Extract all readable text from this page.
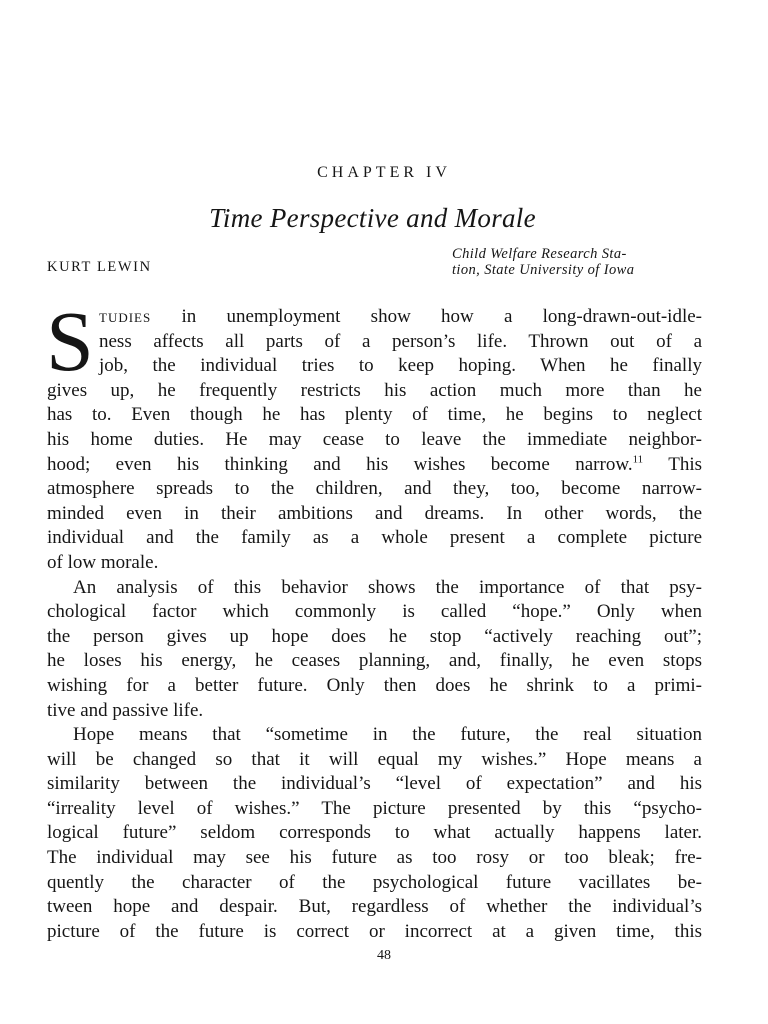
CHAPTER IV
Time Perspective and Morale
KURT LEWIN
Child Welfare Research Sta-
tion, State University of Iowa
S tudies in unemployment show how a long-drawn-out-idle-
ness affects all parts of a person’s life. Thrown out of a
job, the individual tries to keep hoping. When he finally
gives up, he frequently restricts his action much more than he
has to. Even though he has plenty of time, he begins to neglect
his home duties. He may cease to leave the immediate neighbor-
hood; even his thinking and his wishes become narrow.$^{11}$ This
atmosphere spreads to the children, and they, too, become narrow-
minded even in their ambitions and dreams. In other words, the
individual and the family as a whole present a complete picture
of low morale.
An analysis of this behavior shows the importance of that psy-
chological factor which commonly is called “hope.” Only when
the person gives up hope does he stop “actively reaching out”;
he loses his energy, he ceases planning, and, finally, he even stops
wishing for a better future. Only then does he shrink to a primi-
tive and passive life.
Hope means that “sometime in the future, the real situation
will be changed so that it will equal my wishes.” Hope means a
similarity between the individual’s “level of expectation” and his
“irreality level of wishes.” The picture presented by this “psycho-
logical future” seldom corresponds to what actually happens later.
The individual may see his future as too rosy or too bleak; fre-
quently the character of the psychological future vacillates be-
tween hope and despair. But, regardless of whether the individual’s
picture of the future is correct or incorrect at a given time, this
48
